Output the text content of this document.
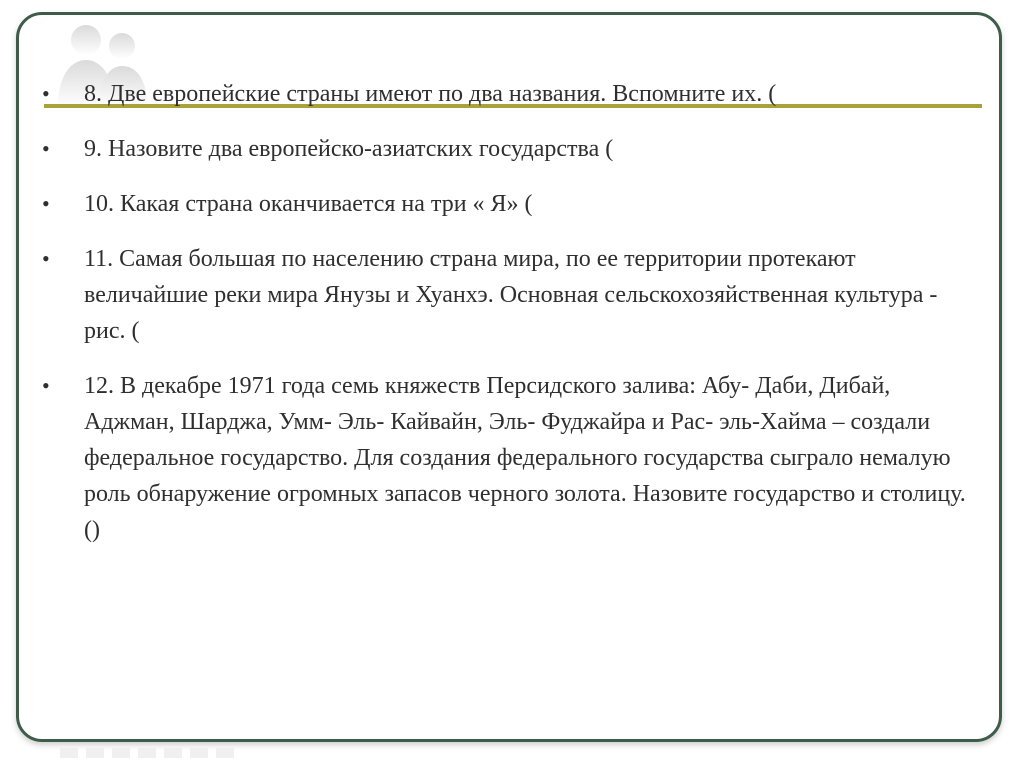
• 8. Две европейские страны имеют по два названия. Вспомните их. (
• 9. Назовите два европейско-азиатских государства (
• 10. Какая страна оканчивается на три « Я» (
• 11. Самая большая по населению страна мира, по ее территории протекают величайшие реки мира Янузы и Хуанхэ. Основная сельскохозяйственная культура - рис. (
• 12. В декабре 1971 года семь княжеств Персидского залива: Абу- Даби, Дибай, Аджман, Шарджа, Умм- Эль- Кайвайн, Эль- Фуджайра и Рас- эль-Хайма – создали федеральное государство. Для создания федерального государства сыграло немалую роль обнаружение огромных запасов черного золота. Назовите государство и столицу. ()
